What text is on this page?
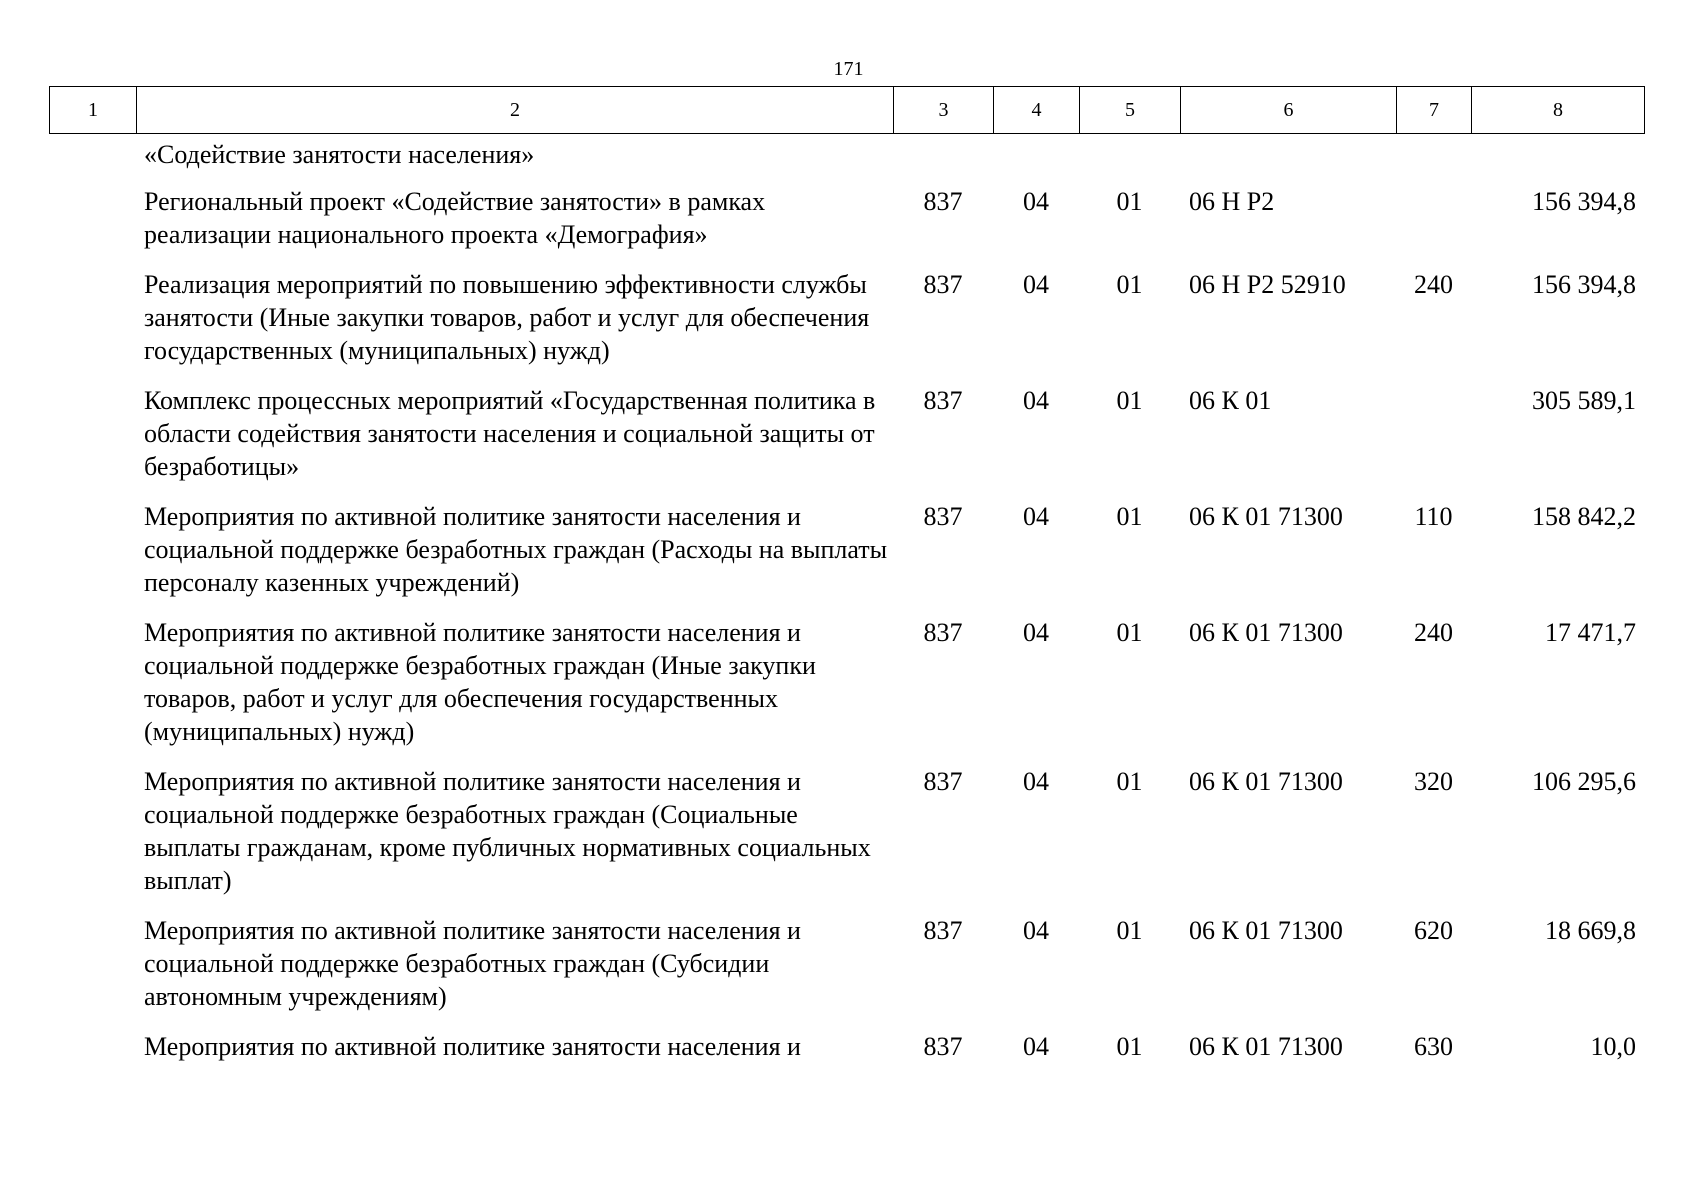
171
1	2	3	4	5	6	7	8
«Содействие занятости населения»						

Региональный проект «Содействие занятости» в рамках реализации национального проекта «Демография»	837	04	01	06 Н Р2		156 394,8

Реализация мероприятий по повышению эффективности службы занятости (Иные закупки товаров, работ и услуг для обеспечения государственных (муниципальных) нужд)	837	04	01	06 Н Р2 52910	240	156 394,8

Комплекс процессных мероприятий «Государственная политика в области содействия занятости населения и социальной защиты от безработицы»	837	04	01	06 К 01		305 589,1

Мероприятия по активной политике занятости населения и социальной поддержке безработных граждан (Расходы на выплаты персоналу казенных учреждений)	837	04	01	06 К 01 71300	110	158 842,2

Мероприятия по активной политике занятости населения и социальной поддержке безработных граждан (Иные закупки товаров, работ и услуг для обеспечения государственных (муниципальных) нужд)	837	04	01	06 К 01 71300	240	17 471,7

Мероприятия по активной политике занятости населения и социальной поддержке безработных граждан (Социальные выплаты гражданам, кроме публичных нормативных социальных выплат)	837	04	01	06 К 01 71300	320	106 295,6

Мероприятия по активной политике занятости населения и социальной поддержке безработных граждан (Субсидии автономным учреждениям)	837	04	01	06 К 01 71300	620	18 669,8

Мероприятия по активной политике занятости населения и	837	04	01	06 К 01 71300	630	10,0
